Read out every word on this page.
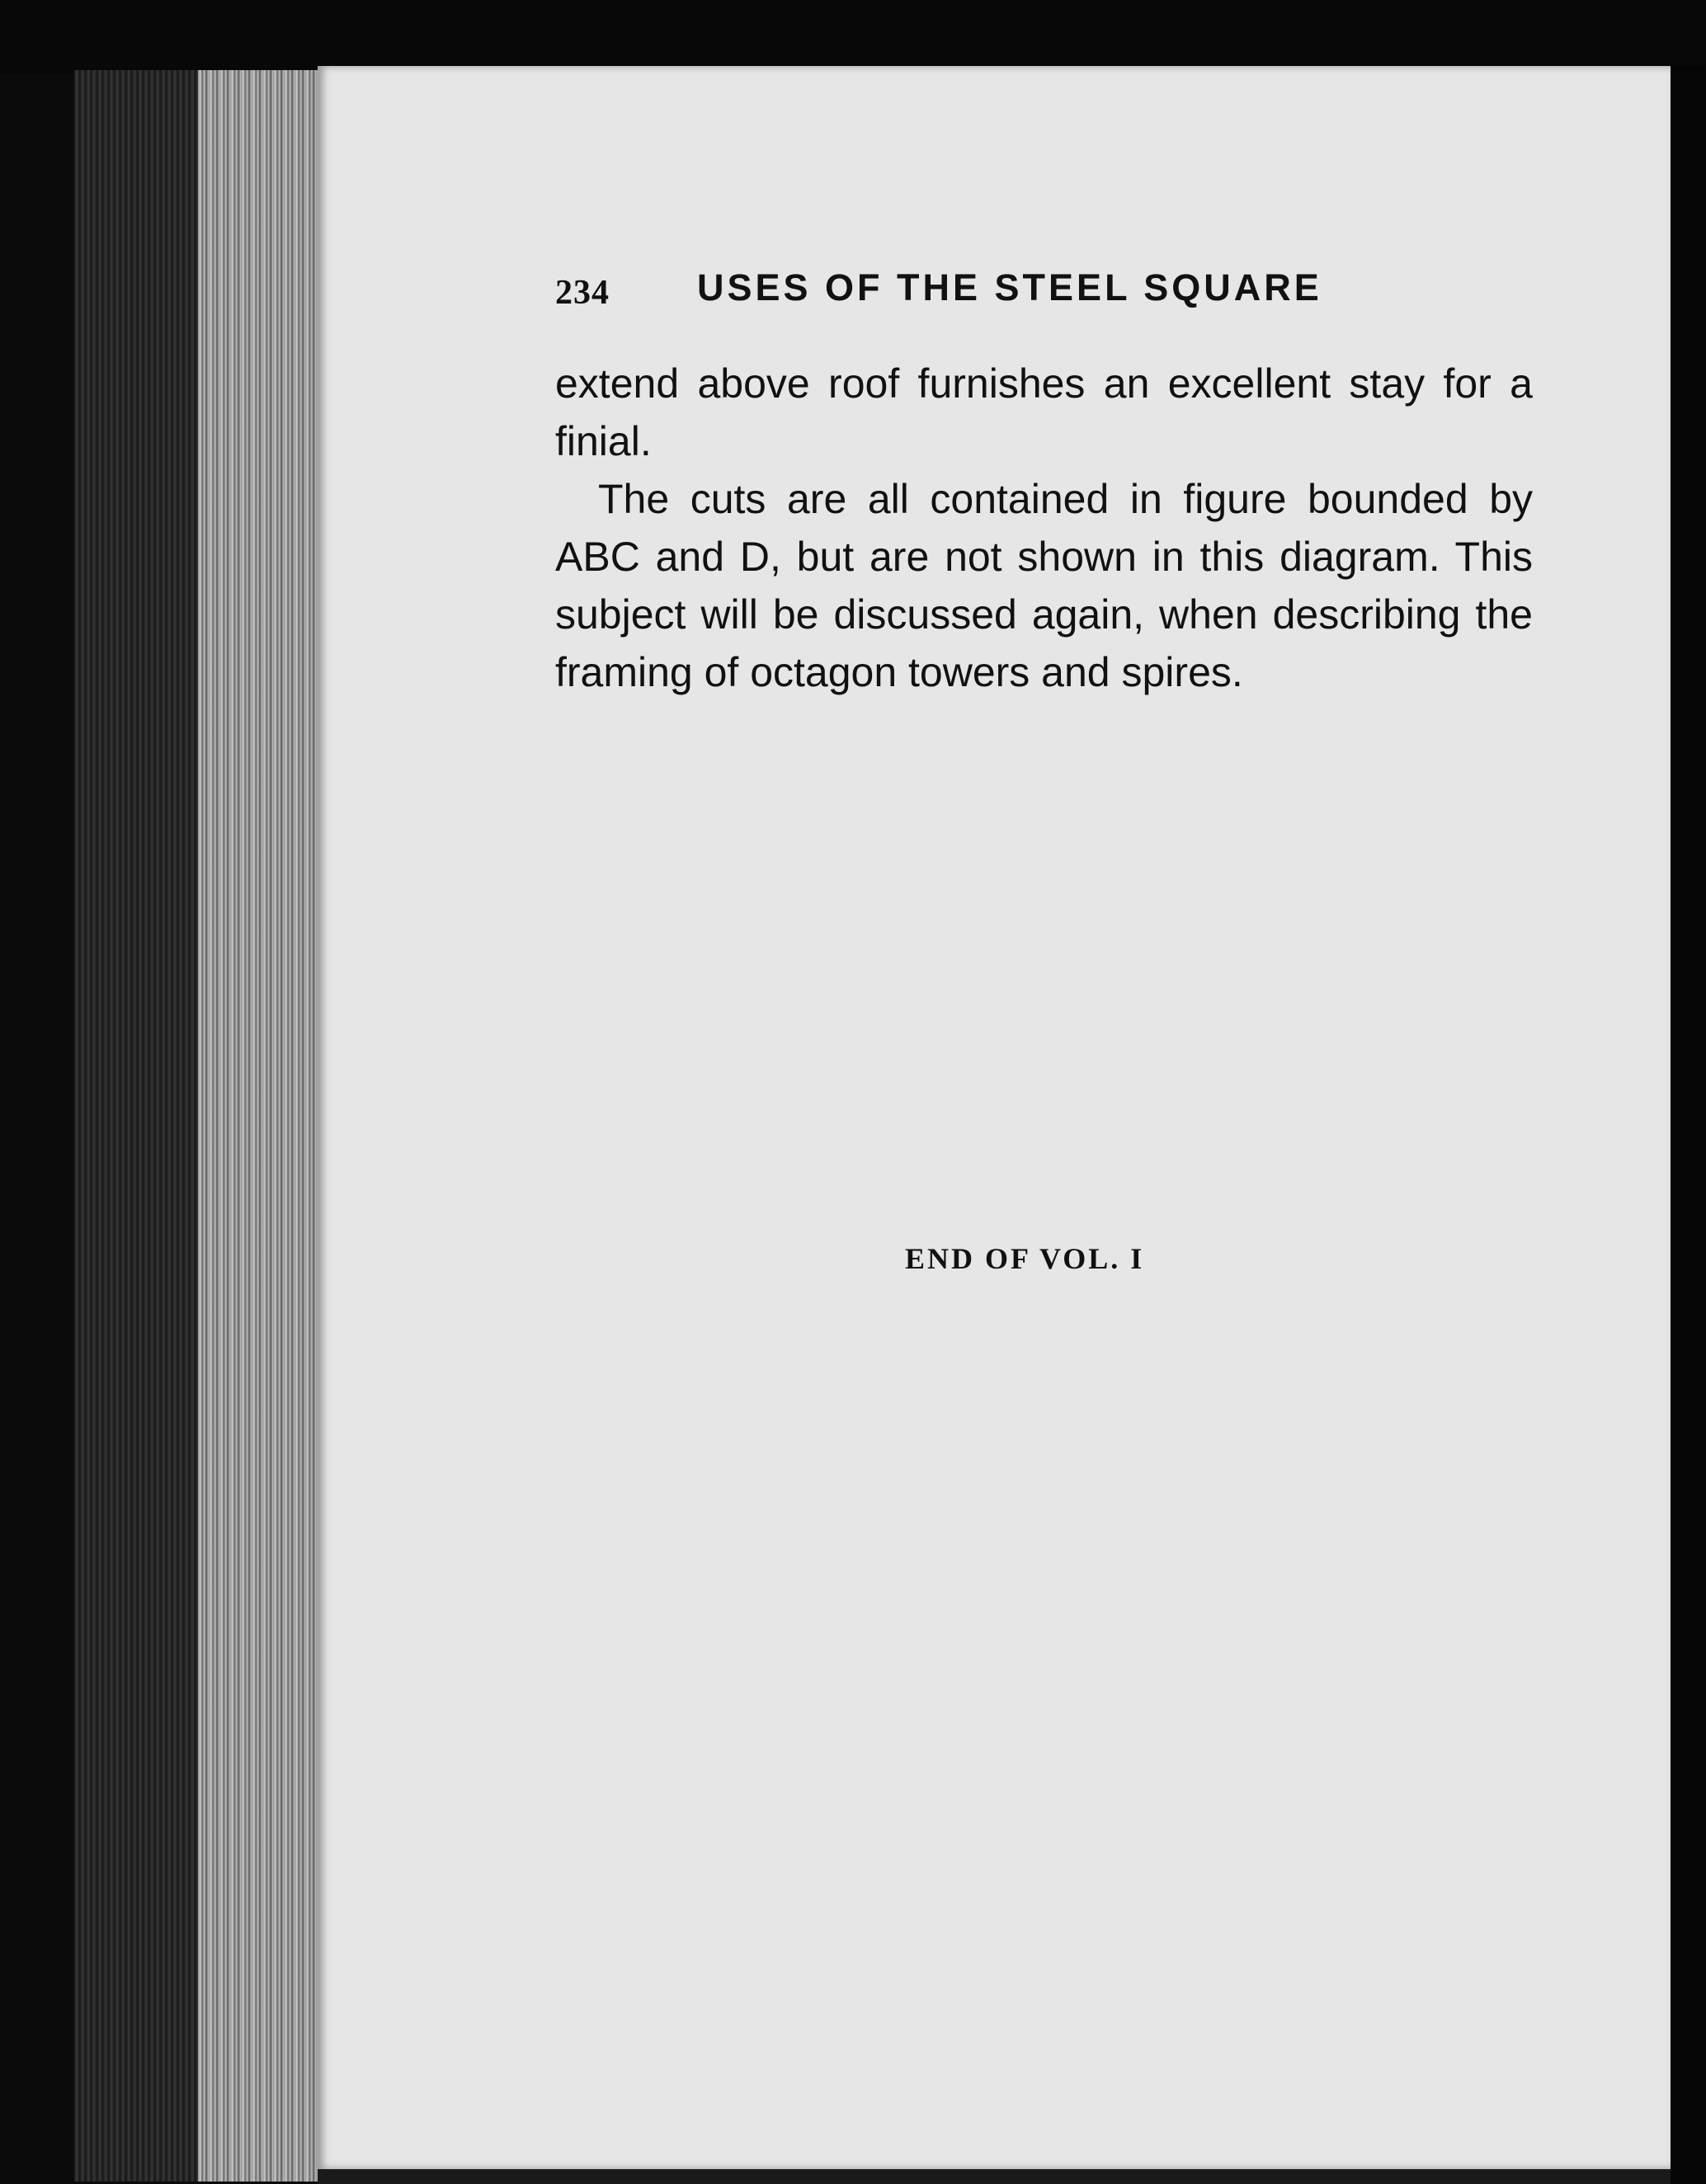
234 USES OF THE STEEL SQUARE

extend above roof furnishes an excellent stay for a finial.

The cuts are all contained in figure bounded by ABC and D, but are not shown in this diagram. This subject will be discussed again, when describing the framing of octagon towers and spires.

END OF VOL. I
